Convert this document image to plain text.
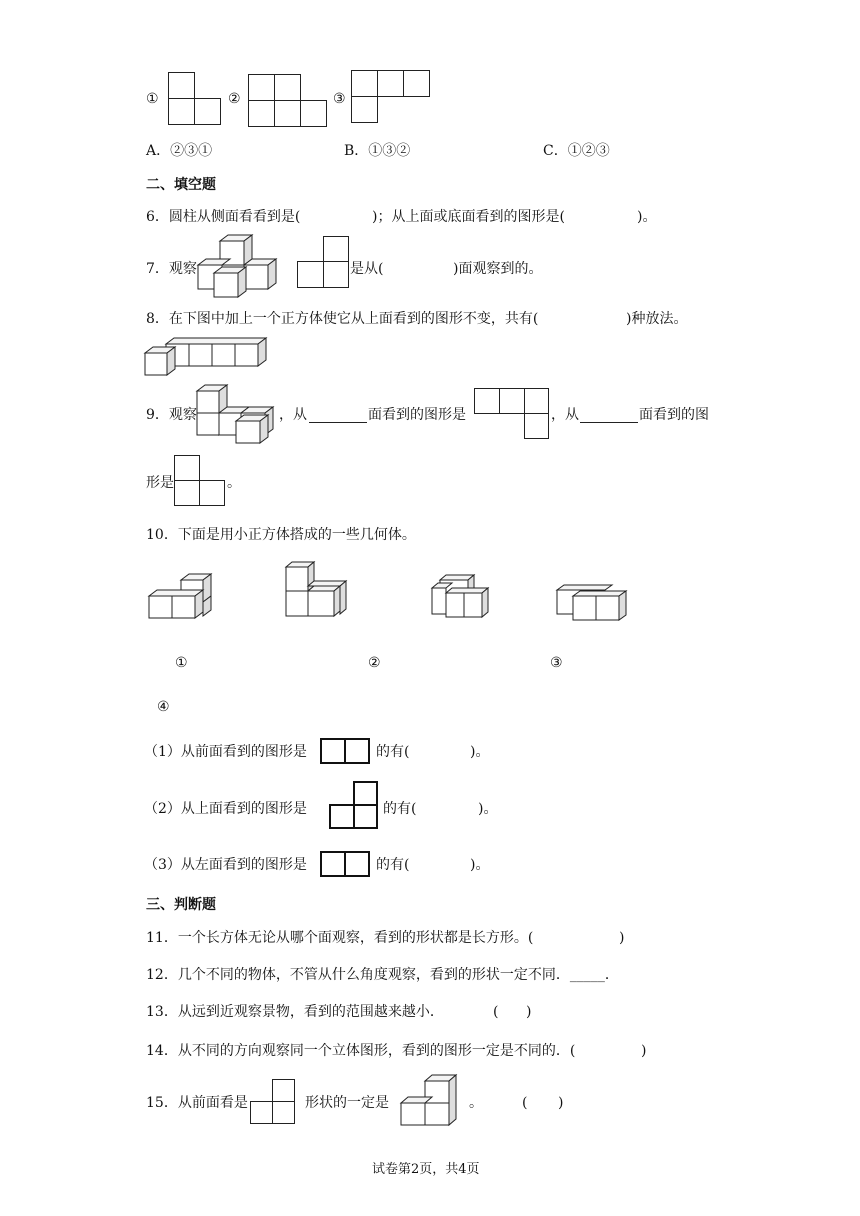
①	②	③
A．②③①	B．①③②	C．①②③
二、填空题
6．圆柱从侧面看看到是(	)；从上面或底面看到的图形是(	)。
7．观察	是从(	)面观察到的。
8．在下图中加上一个正方体使它从上面看到的图形不变，共有(	)种放法。
9．观察	，从	面看到的图形是	，从	面看到的图
形是	。
10．下面是用小正方体搭成的一些几何体。
①	②	③
④
（1）从前面看到的图形是	的有(	)。
（2）从上面看到的图形是	的有(	)。
（3）从左面看到的图形是	的有(	)。
三、判断题
11．一个长方体无论从哪个面观察，看到的形状都是长方形。(	)
12．几个不同的物体，不管从什么角度观察，看到的形状一定不同．_____．
13．从远到近观察景物，看到的范围越来越小．	( )
14．从不同的方向观察同一个立体图形，看到的图形一定是不同的．(	)
15．从前面看是	形状的一定是	。	( )
试卷第2页，共4页
